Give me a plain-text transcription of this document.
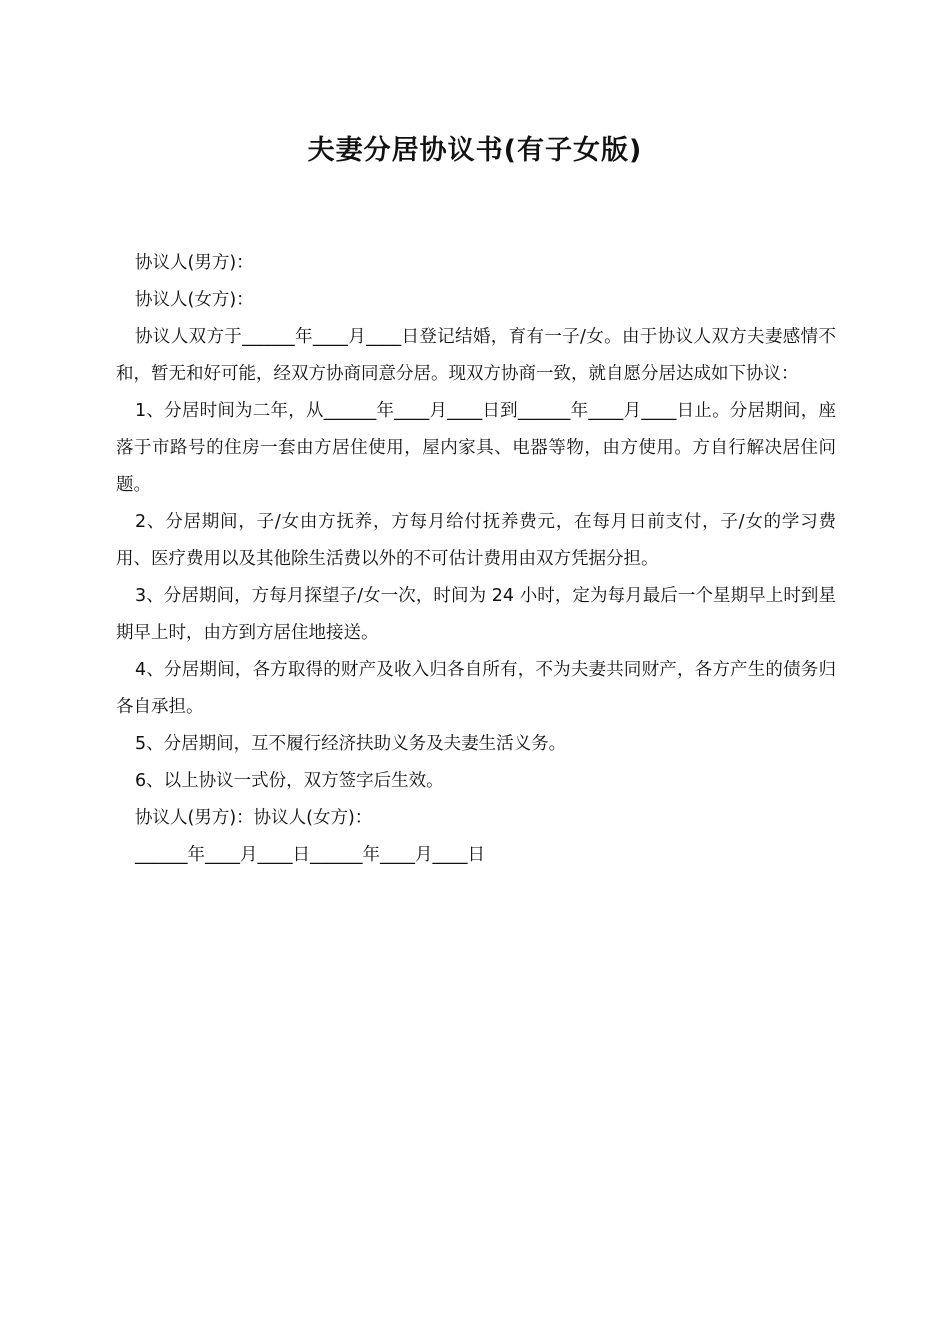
夫妻分居协议书(有子女版)

协议人(男方)：

协议人(女方)：

协议人双方于______年____月____日登记结婚，育有一子/女。由于协议人双方夫妻感情不和，暂无和好可能，经双方协商同意分居。现双方协商一致，就自愿分居达成如下协议：

1、分居时间为二年，从______年____月____日到______年____月____日止。分居期间，座落于市路号的住房一套由方居住使用，屋内家具、电器等物，由方使用。方自行解决居住问题。

2、分居期间，子/女由方抚养，方每月给付抚养费元，在每月日前支付，子/女的学习费用、医疗费用以及其他除生活费以外的不可估计费用由双方凭据分担。

3、分居期间，方每月探望子/女一次，时间为 24 小时，定为每月最后一个星期早上时到星期早上时，由方到方居住地接送。

4、分居期间，各方取得的财产及收入归各自所有，不为夫妻共同财产，各方产生的债务归各自承担。

5、分居期间，互不履行经济扶助义务及夫妻生活义务。

6、以上协议一式份，双方签字后生效。

协议人(男方)：协议人(女方)：

______年____月____日______年____月____日
